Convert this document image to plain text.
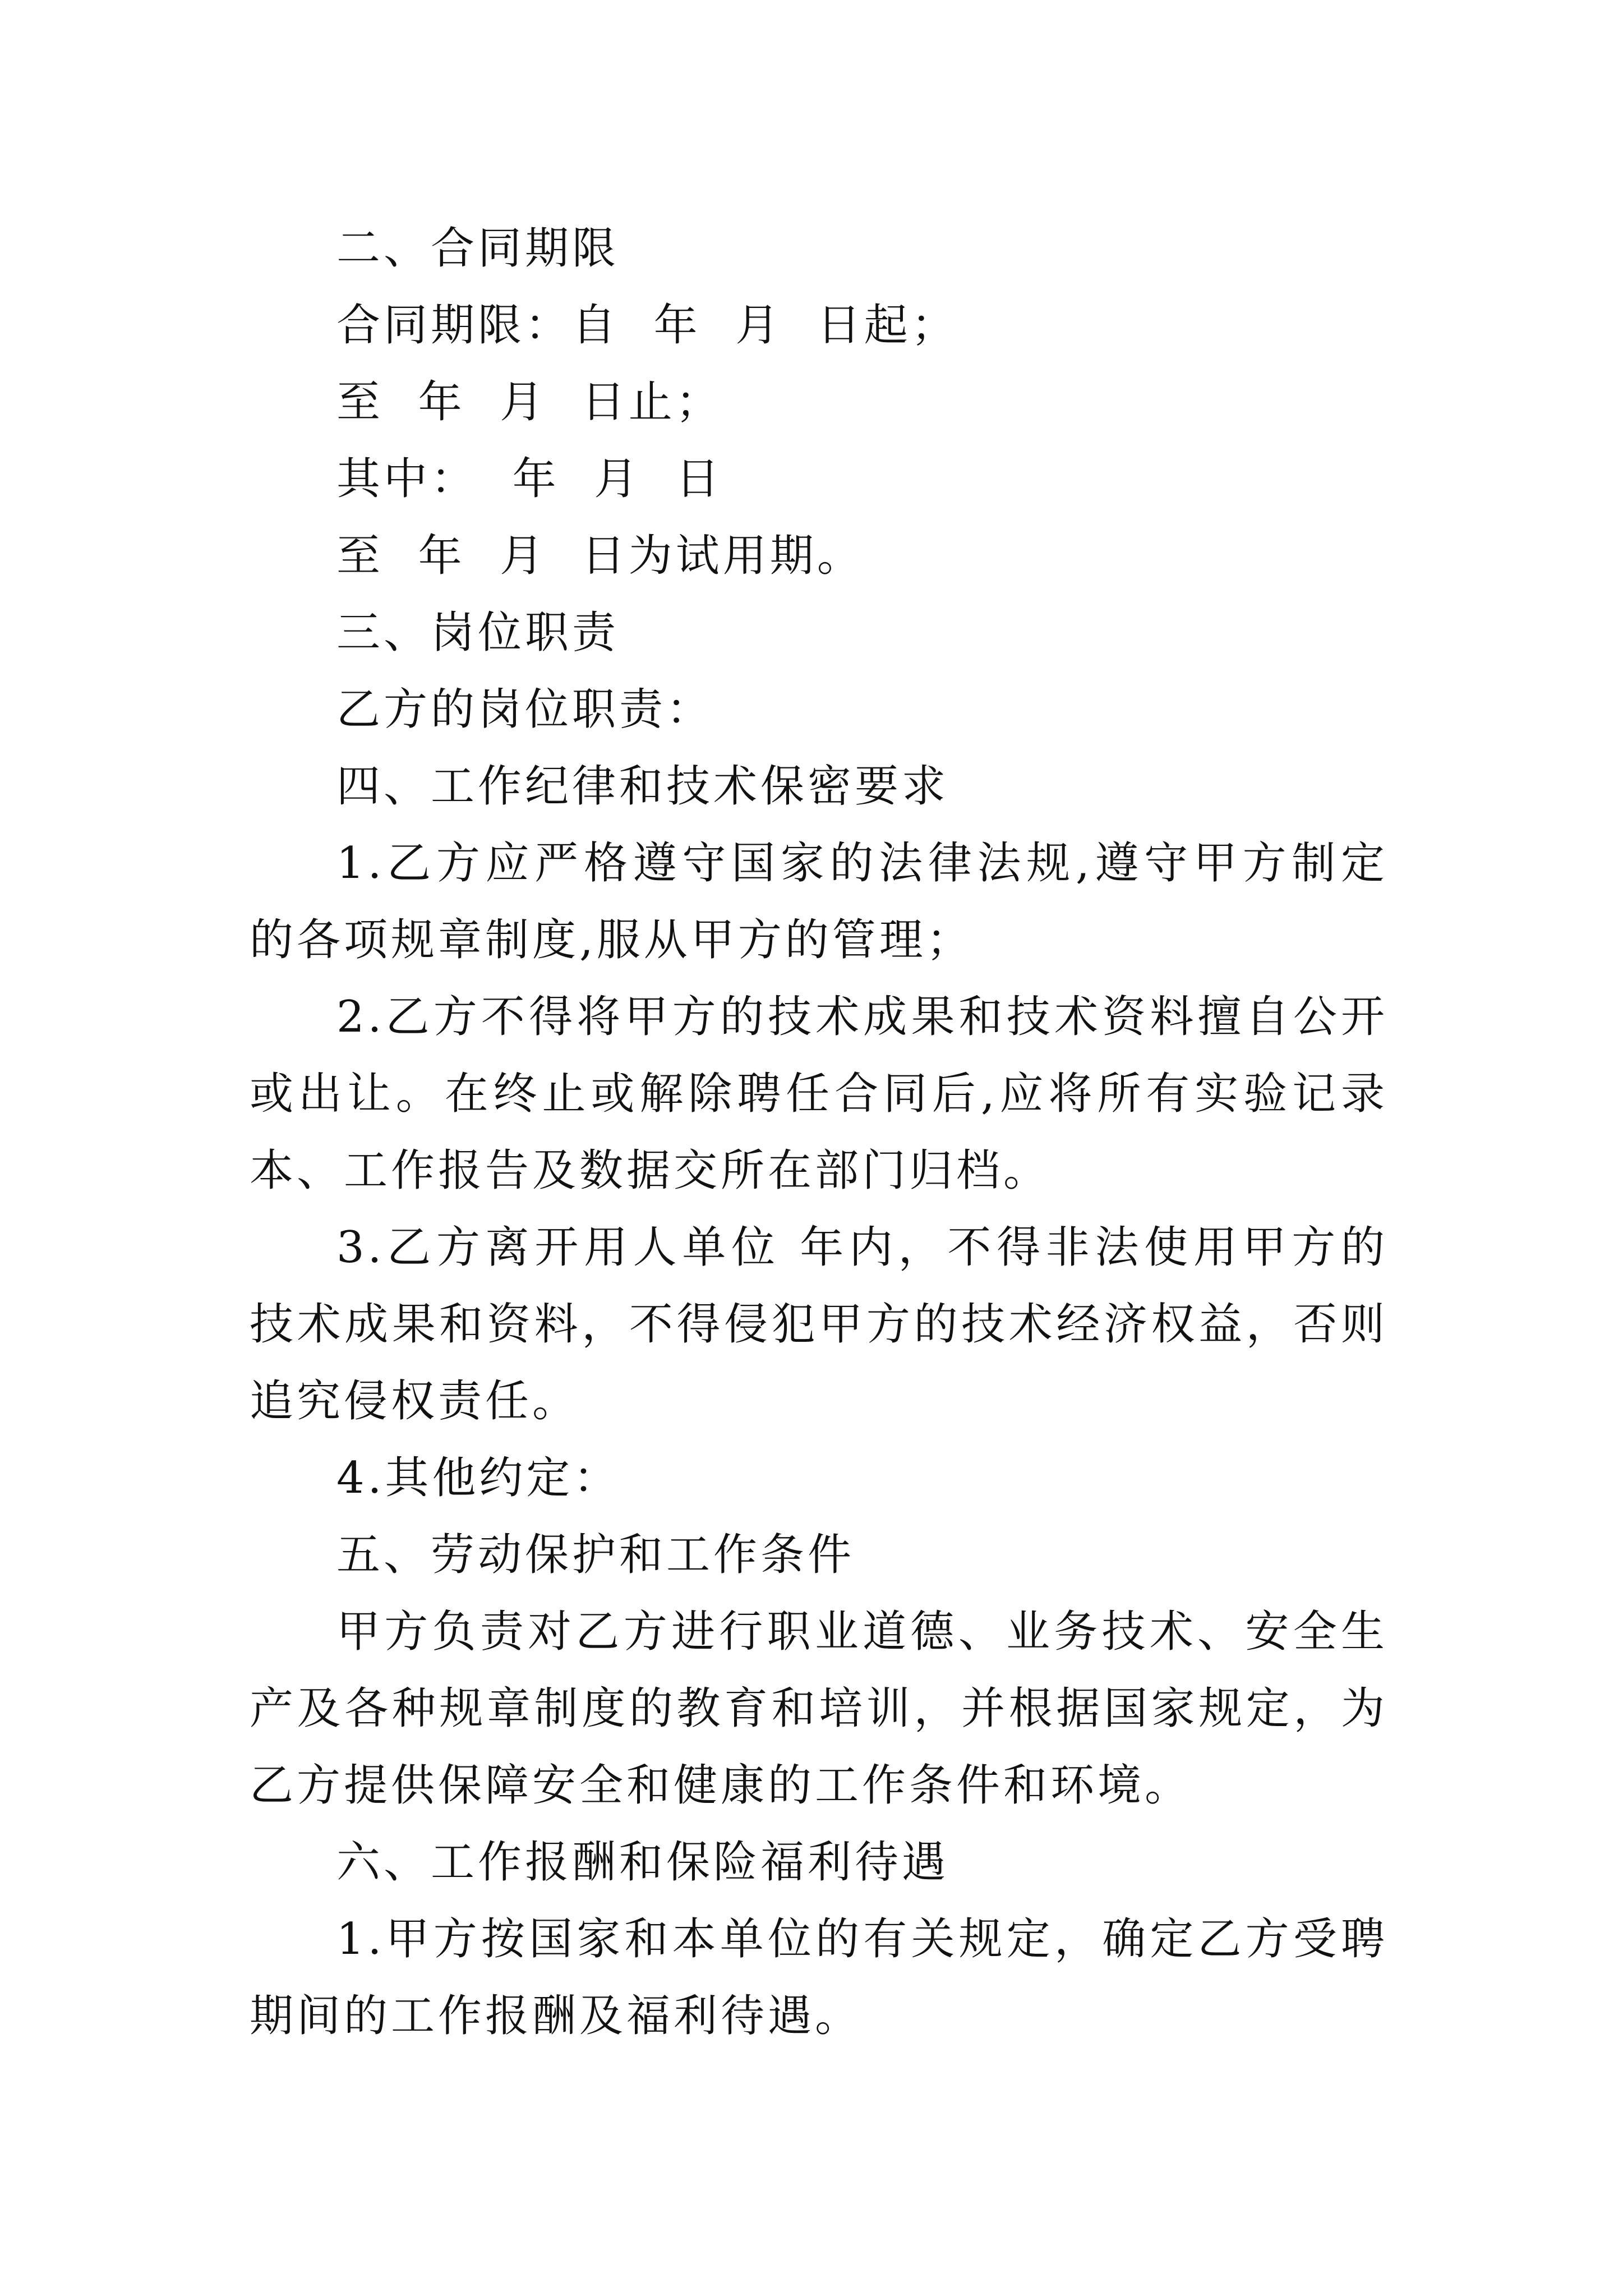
二、合同期限
合同期限：自  年  月  日起；
至  年  月  日止；
其中：  年  月  日
至  年  月  日为试用期。
三、岗位职责
乙方的岗位职责：
四、工作纪律和技术保密要求

1.乙方应严格遵守国家的法律法规,遵守甲方制定的各项规章制度,服从甲方的管理；

2.乙方不得将甲方的技术成果和技术资料擅自公开或出让。在终止或解除聘任合同后,应将所有实验记录本、工作报告及数据交所在部门归档。

3.乙方离开用人单位 年内，不得非法使用甲方的技术成果和资料，不得侵犯甲方的技术经济权益，否则追究侵权责任。

4.其他约定：

五、劳动保护和工作条件

甲方负责对乙方进行职业道德、业务技术、安全生产及各种规章制度的教育和培训，并根据国家规定，为乙方提供保障安全和健康的工作条件和环境。

六、工作报酬和保险福利待遇

1.甲方按国家和本单位的有关规定，确定乙方受聘期间的工作报酬及福利待遇。
